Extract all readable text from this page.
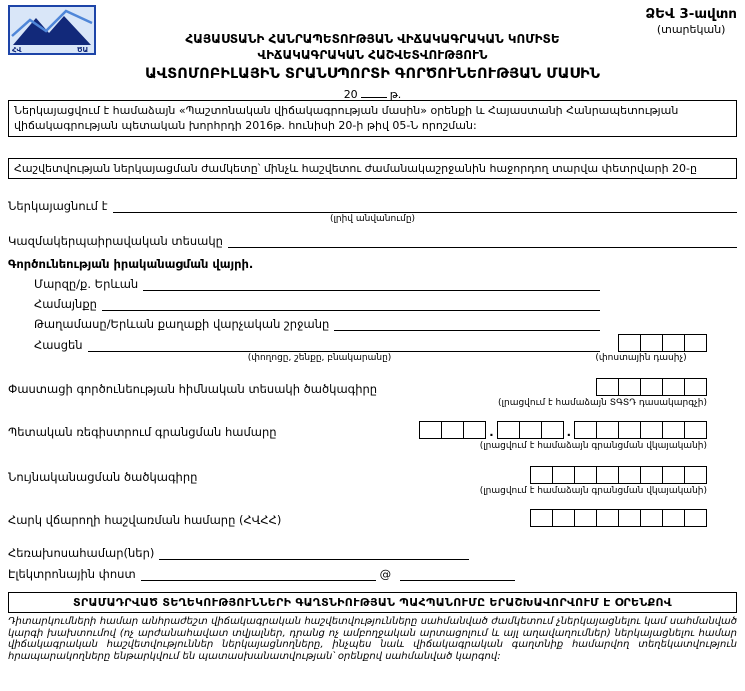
ՀՎ	ԾԱ
ՁԵՎ 3-ավտո
(տարեկան)
ՀԱՅԱՍՏԱՆԻ ՀԱՆՐԱՊԵՏՈՒԹՅԱՆ ՎԻՃԱԿԱԳՐԱԿԱՆ ԿՈՄԻՏԵ
ՎԻՃԱԿԱԳՐԱԿԱՆ ՀԱՇՎԵՏՎՈՒԹՅՈՒՆ
ԱՎՏՈՄՈԲԻԼԱՅԻՆ ՏՐԱՆՍՊՈՐՏԻ ԳՈՐԾՈՒՆԵՈՒԹՅԱՆ ՄԱՍԻՆ
20	թ.
Ներկայացվում է համաձայն «Պաշտոնական վիճակագրության մասին» օրենքի և Հայաստանի Հանրապետության վիճակագրության պետական խորհրդի 2016թ. հունիսի 20-ի թիվ 05-Ն որոշման:
Հաշվետվության ներկայացման ժամկետը՝ մինչև հաշվետու ժամանակաշրջանին հաջորդող տարվա փետրվարի 20-ը
Ներկայացնում է
(լրիվ անվանումը)
Կազմակերպաիրավական տեսակը
Գործունեության իրականացման վայրի.
Մարզը/ք. Երևան
Համայնքը
Թաղամասը/Երևան քաղաքի վարչական շրջանը
Հասցեն
(փողոցը, շենքը, բնակարանը)	(փոստային դասիչ)
Փաստացի գործունեության հիմնական տեսակի ծածկագիրը
(լրացվում է համաձայն ՏԳՏԴ դասակարգչի)
Պետական ռեգիստրում գրանցման համարը	.	.
(լրացվում է համաձայն գրանցման վկայականի)
Նույնականացման ծածկագիրը
(լրացվում է համաձայն գրանցման վկայականի)
Հարկ վճարողի հաշվառման համարը (ՀՎՀՀ)
Հեռախոսահամար(ներ)
Էլեկտրոնային փոստ	@
ՏՐԱՄԱԴՐՎԱԾ ՏԵՂԵԿՈՒԹՅՈՒՆՆԵՐԻ ԳԱՂՏՆԻՈՒԹՅԱՆ ՊԱՀՊԱՆՈՒՄԸ ԵՐԱՇԽԱՎՈՐՎՈՒՄ Է ՕՐԵՆՔՈՎ
Դիտարկումների համար անհրաժեշտ վիճակագրական հաշվետվությունները սահմանված ժամկետում չներկայացնելու կամ սահմանված կարգի խախտումով (ոչ արժանահավատ տվյալներ, դրանց ոչ ամբողջական արտացոլում և այլ աղավաղումներ) ներկայացնելու համար վիճակագրական հաշվետվություններ ներկայացնողները, ինչպես նաև վիճակագրական գաղտնիք համարվող տեղեկատվություն հրապարակողները ենթարկվում են պատասխանատվության՝ օրենքով սահմանված կարգով:
